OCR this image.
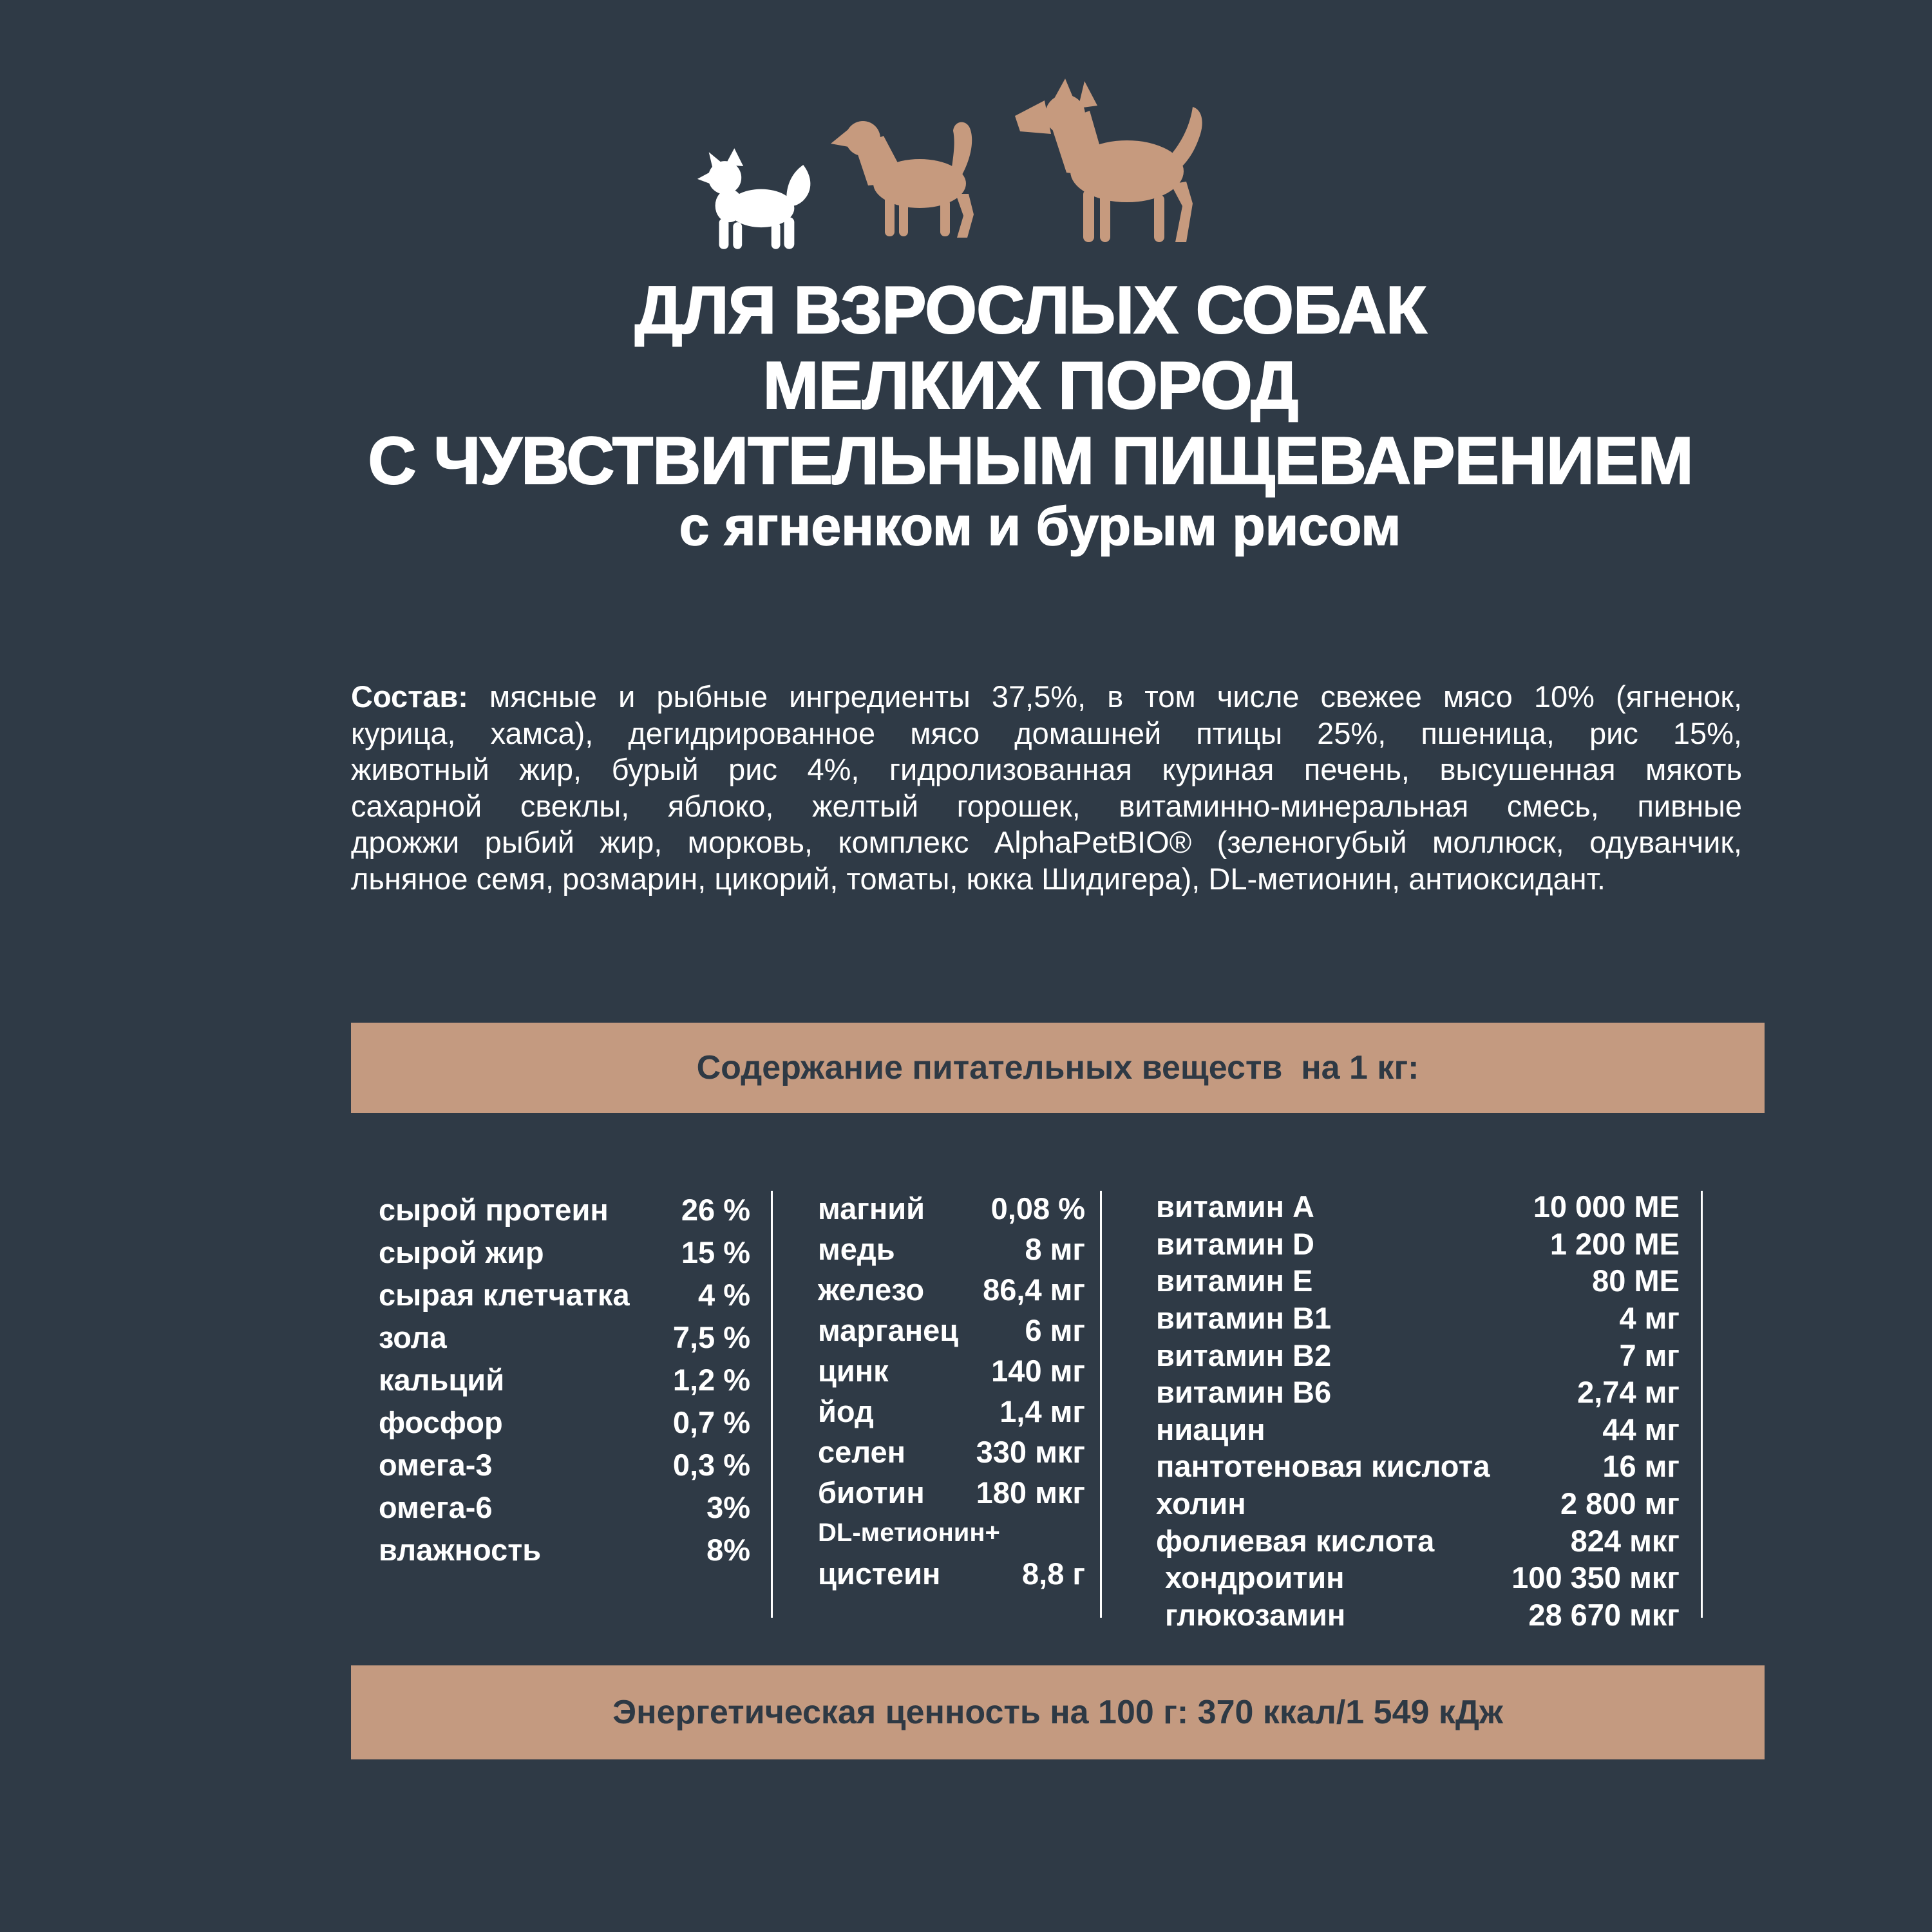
ДЛЯ ВЗРОСЛЫХ СОБАК
МЕЛКИХ ПОРОД
С ЧУВСТВИТЕЛЬНЫМ ПИЩЕВАРЕНИЕМ
с ягненком и бурым рисом
Состав: мясные и рыбные ингредиенты 37,5%, в том числе свежее мясо 10% (ягненок,
курица, хамса), дегидрированное мясо домашней птицы 25%, пшеница, рис 15%,
животный жир, бурый рис 4%, гидролизованная куриная печень, высушенная мякоть
сахарной свеклы, яблоко, желтый горошек, витаминно-минеральная смесь, пивные
дрожжи рыбий жир, морковь, комплекс AlphaPetBIO® (зеленогубый моллюск, одуванчик,
льняное семя, розмарин, цикорий, томаты, юкка Шидигера), DL-метионин, антиоксидант.
Содержание питательных веществ  на 1 кг:
сырой протеин 26 %
сырой жир	15 %
сырая клетчатка 4 %
зола	7,5 %
кальций	1,2 %
фосфор	0,7 %
омега-3	0,3 %
омега-6	3%
влажность	8%
магний 0,08 %
медь	8 мг
железо 86,4 мг
марганец 6 мг
цинк	140 мг
йод	1,4 мг
селен 330 мкг
биотин 180 мкг
DL-метионин+
цистеин	8,8 г
витамин A	10 000 МЕ
витамин D	1 200 МЕ
витамин E	80 МЕ
витамин B1	4 мг
витамин B2	7 мг
витамин B6	2,74 мг
ниацин	44 мг
пантотеновая кислота	16 мг
холин	2 800 мг
фолиевая кислота	824 мкг
хондроитин	100 350 мкг
глюкозамин	28 670 мкг
Энергетическая ценность на 100 г: 370 ккал/1 549 кДж
